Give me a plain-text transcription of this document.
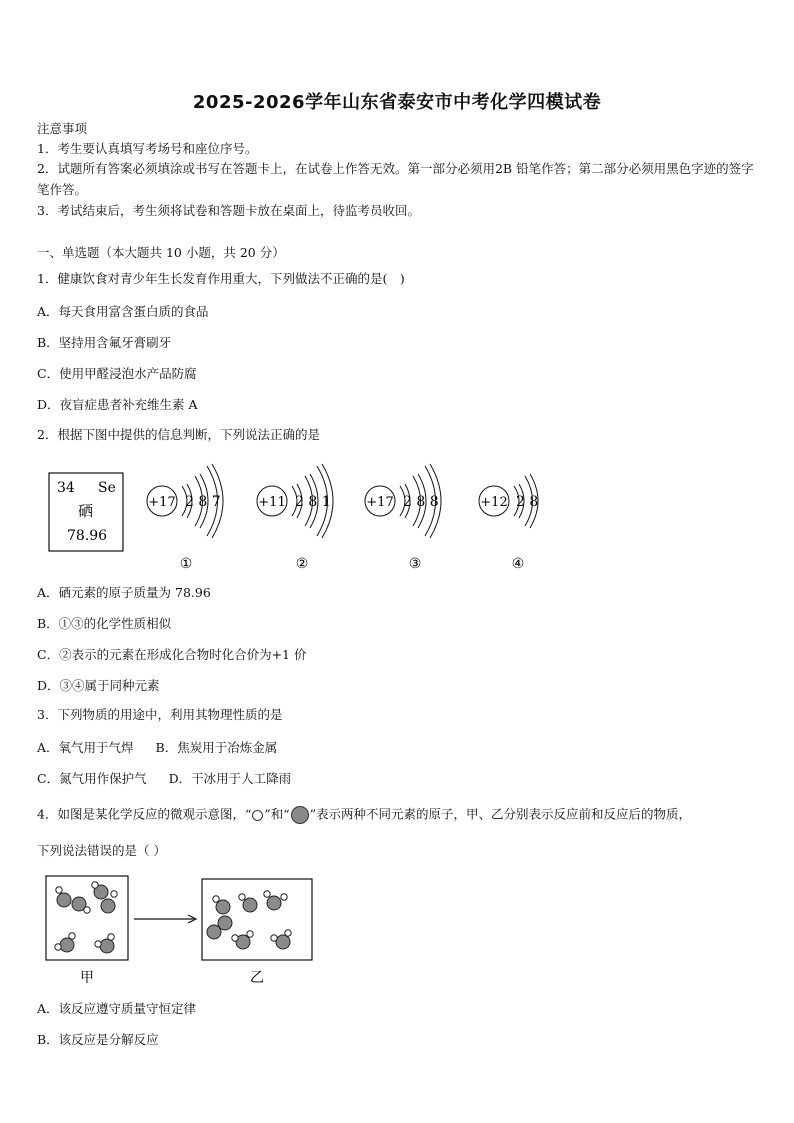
2025-2026学年山东省泰安市中考化学四模试卷
注意事项
1．考生要认真填写考场号和座位序号。
2．试题所有答案必须填涂或书写在答题卡上，在试卷上作答无效。第一部分必须用2B 铅笔作答；第二部分必须用黑色字迹的签字笔作答。
3．考试结束后，考生须将试卷和答题卡放在桌面上，待监考员收回。
一、单选题（本大题共 10 小题，共 20 分）
1．健康饮食对青少年生长发育作用重大，下列做法不正确的是(　)
A．每天食用富含蛋白质的食品
B．坚持用含氟牙膏刷牙
C．使用甲醛浸泡水产品防腐
D．夜盲症患者补充维生素 A
2．根据下图中提供的信息判断，下列说法正确的是
34 Se
硒
78.96
+17 2 8 7
①
+11 2 8 1
②
+17 2 8 8
③
+12 2 8
④
A．硒元素的原子质量为 78.96
B．①③的化学性质相似
C．②表示的元素在形成化合物时化合价为+1 价
D．③④属于同种元素
3．下列物质的用途中，利用其物理性质的是
A．氧气用于气焊 B．焦炭用于冶炼金属
C．氮气用作保护气 D．干冰用于人工降雨
4．如图是某化学反应的微观示意图，“ ”和“ ”表示两种不同元素的原子，甲、乙分别表示反应前和反应后的物质，
下列说法错误的是（ ）
甲	乙
A．该反应遵守质量守恒定律
B．该反应是分解反应
